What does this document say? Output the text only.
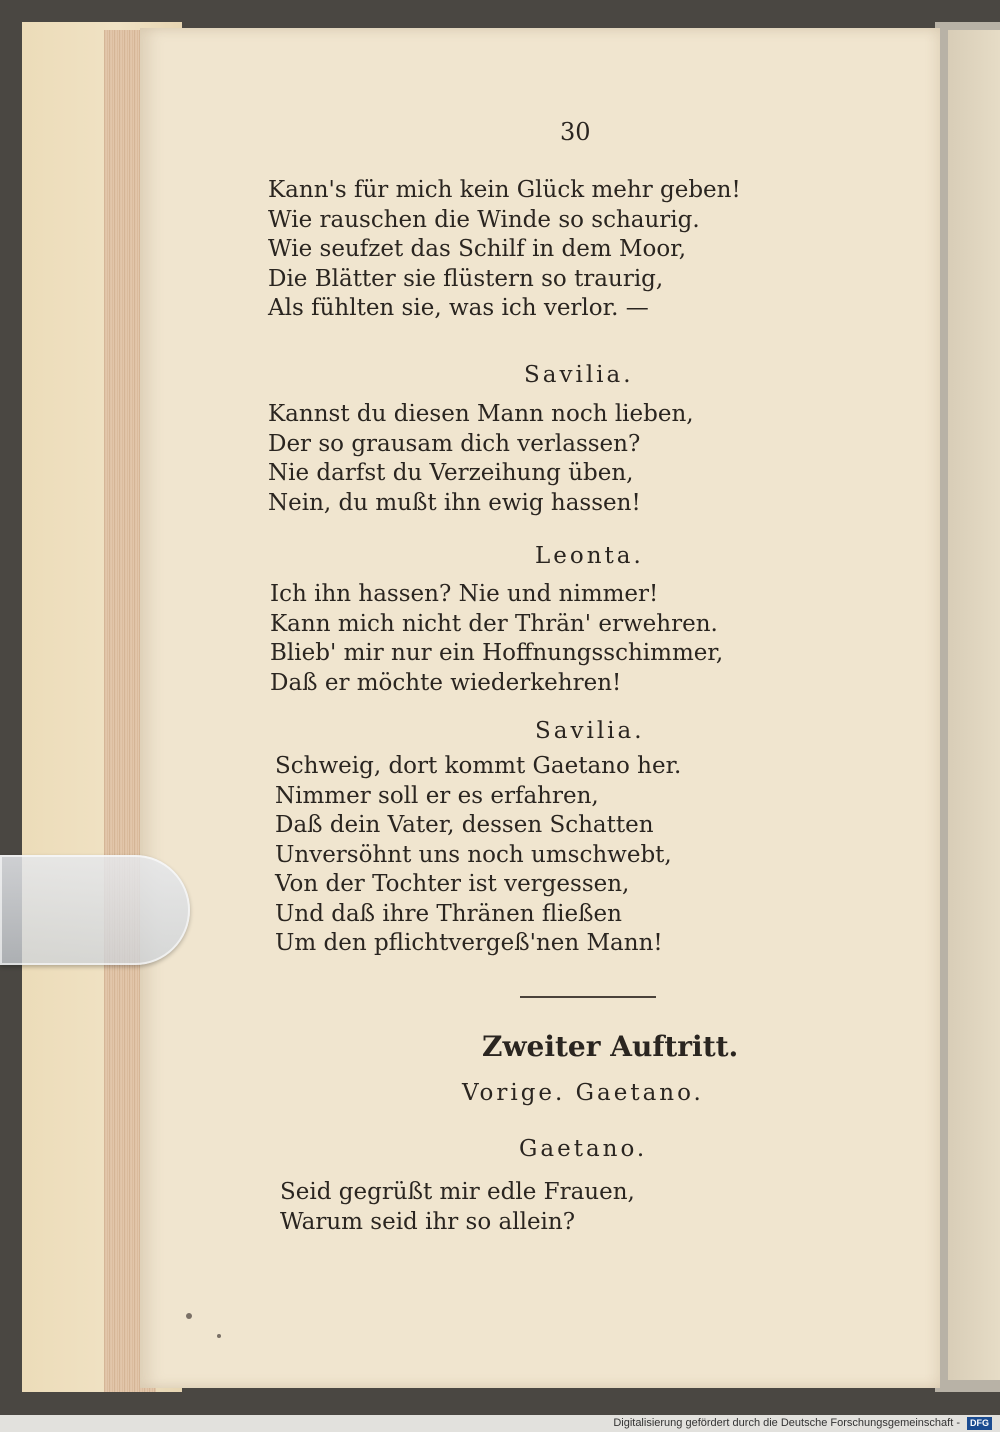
30
Kann's für mich kein Glück mehr geben!
Wie rauschen die Winde so schaurig.
Wie seufzet das Schilf in dem Moor,
Die Blätter sie flüstern so traurig,
Als fühlten sie, was ich verlor. —
Savilia.
Kannst du diesen Mann noch lieben,
Der so grausam dich verlassen?
Nie darfst du Verzeihung üben,
Nein, du mußt ihn ewig hassen!
Leonta.
Ich ihn hassen? Nie und nimmer!
Kann mich nicht der Thrän' erwehren.
Blieb' mir nur ein Hoffnungsschimmer,
Daß er möchte wiederkehren!
Savilia.
Schweig, dort kommt Gaetano her.
Nimmer soll er es erfahren,
Daß dein Vater, dessen Schatten
Unversöhnt uns noch umschwebt,
Von der Tochter ist vergessen,
Und daß ihre Thränen fließen
Um den pflichtvergeß'nen Mann!
Zweiter Auftritt.
Vorige. Gaetano.
Gaetano.
Seid gegrüßt mir edle Frauen,
Warum seid ihr so allein?
Digitalisierung gefördert durch die Deutsche Forschungsgemeinschaft -	DFG
